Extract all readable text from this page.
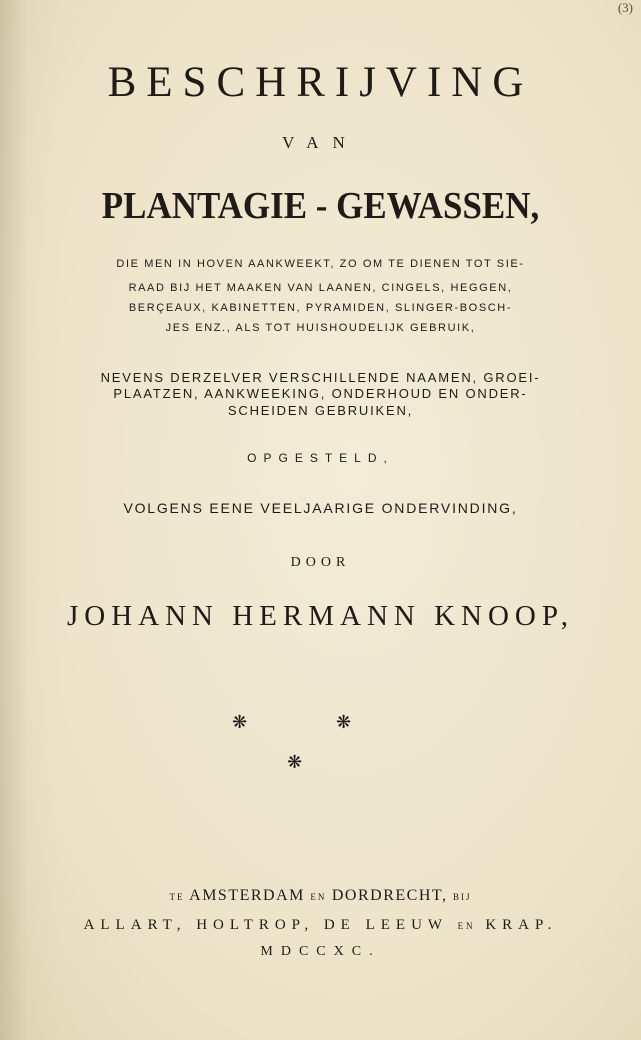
(3)
BESCHRIJVING
VAN
PLANTAGIE - GEWASSEN,
DIE MEN IN HOVEN AANKWEEKT, ZO OM TE DIENEN TOT SIE-
RAAD BIJ HET MAAKEN VAN LAANEN, CINGELS, HEGGEN,
BERÇEAUX, KABINETTEN, PYRAMIDEN, SLINGER-BOSCH-
JES ENZ., ALS TOT HUISHOUDELIJK GEBRUIK,
NEVENS DERZELVER VERSCHILLENDE NAAMEN, GROEI-
PLAATZEN, AANKWEEKING, ONDERHOUD EN ONDER-
SCHEIDEN GEBRUIKEN,
OPGESTELD,
VOLGENS EENE VEELJAARIGE ONDERVINDING,
DOOR
JOHANN HERMANN KNOOP,
❋	❋
❋
TE AMSTERDAM EN DORDRECHT, BIJ
ALLART, HOLTROP, DE LEEUW EN KRAP.
MDCCXC.
